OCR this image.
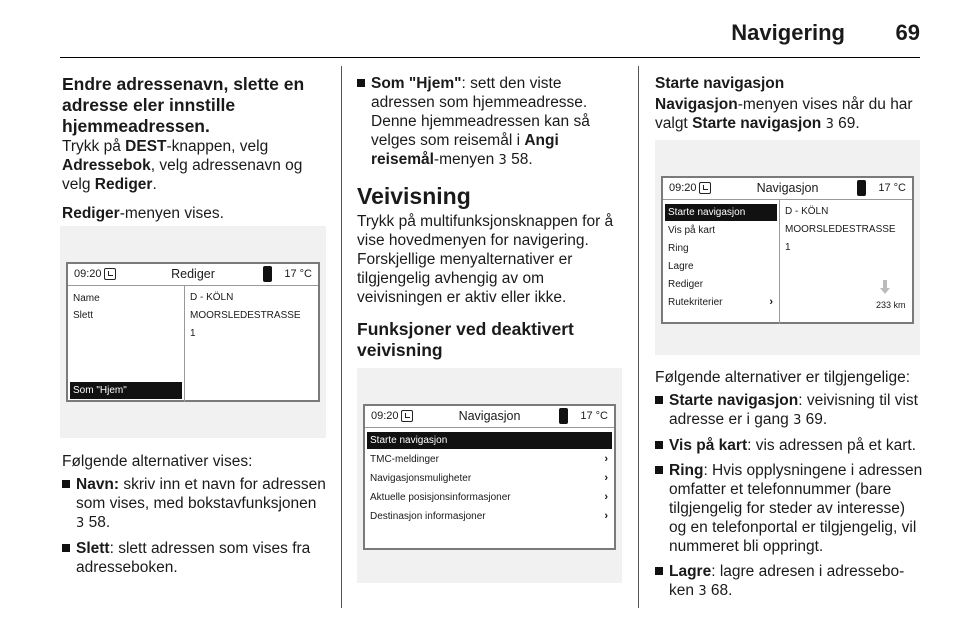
Navigering 69
Endre adressenavn, slette en adresse eler innstille hjemmeadressen.

Trykk på DEST-knappen, velg Adressebok, velg adressenavn og velg Rediger.

Rediger-menyen vises.

09:20	Rediger	17 °C
Name
Slett
Som "Hjem"
D - KÖLN
MOORSLEDESTRASSE
1

Følgende alternativer vises:

Navn: skriv inn et navn for adressen som vises, med bokstavfunksjonen 3 58.
Slett: slett adressen som vises fra adresseboken.
Som "Hjem": sett den viste adressen som hjemmeadresse. Denne hjemmeadressen kan så velges som reisemål i Angi reisemål-menyen 3 58.
Veivisning

Trykk på multifunksjonsknappen for å vise hovedmenyen for navigering. Forskjellige menyalternativer er tilgjengelig avhengig av om veivisningen er aktiv eller ikke.

Funksjoner ved deaktivert veivisning
09:20	Navigasjon	17 °C
Starte navigasjon
TMC-meldinger	›
Navigasjonsmuligheter	›
Aktuelle posisjonsinformasjoner	›
Destinasjon informasjoner	›

Starte navigasjon

Navigasjon-menyen vises når du har valgt Starte navigasjon 3 69.

09:20	Navigasjon	17 °C
Starte navigasjon
Vis på kart
Ring
Lagre
Rediger
Rutekriterier	›
D - KÖLN
MOORSLEDESTRASSE
1
233 km

Følgende alternativer er tilgjengelige:

Starte navigasjon: veivisning til vist adresse er i gang 3 69.
Vis på kart: vis adressen på et kart.
Ring: Hvis opplysningene i adressen omfatter et telefonnummer (bare tilgjengelig for steder av interesse) og en telefonportal er tilgjengelig, vil nummeret bli oppringt.
Lagre: lagre adresen i adresseboken 3 68.
